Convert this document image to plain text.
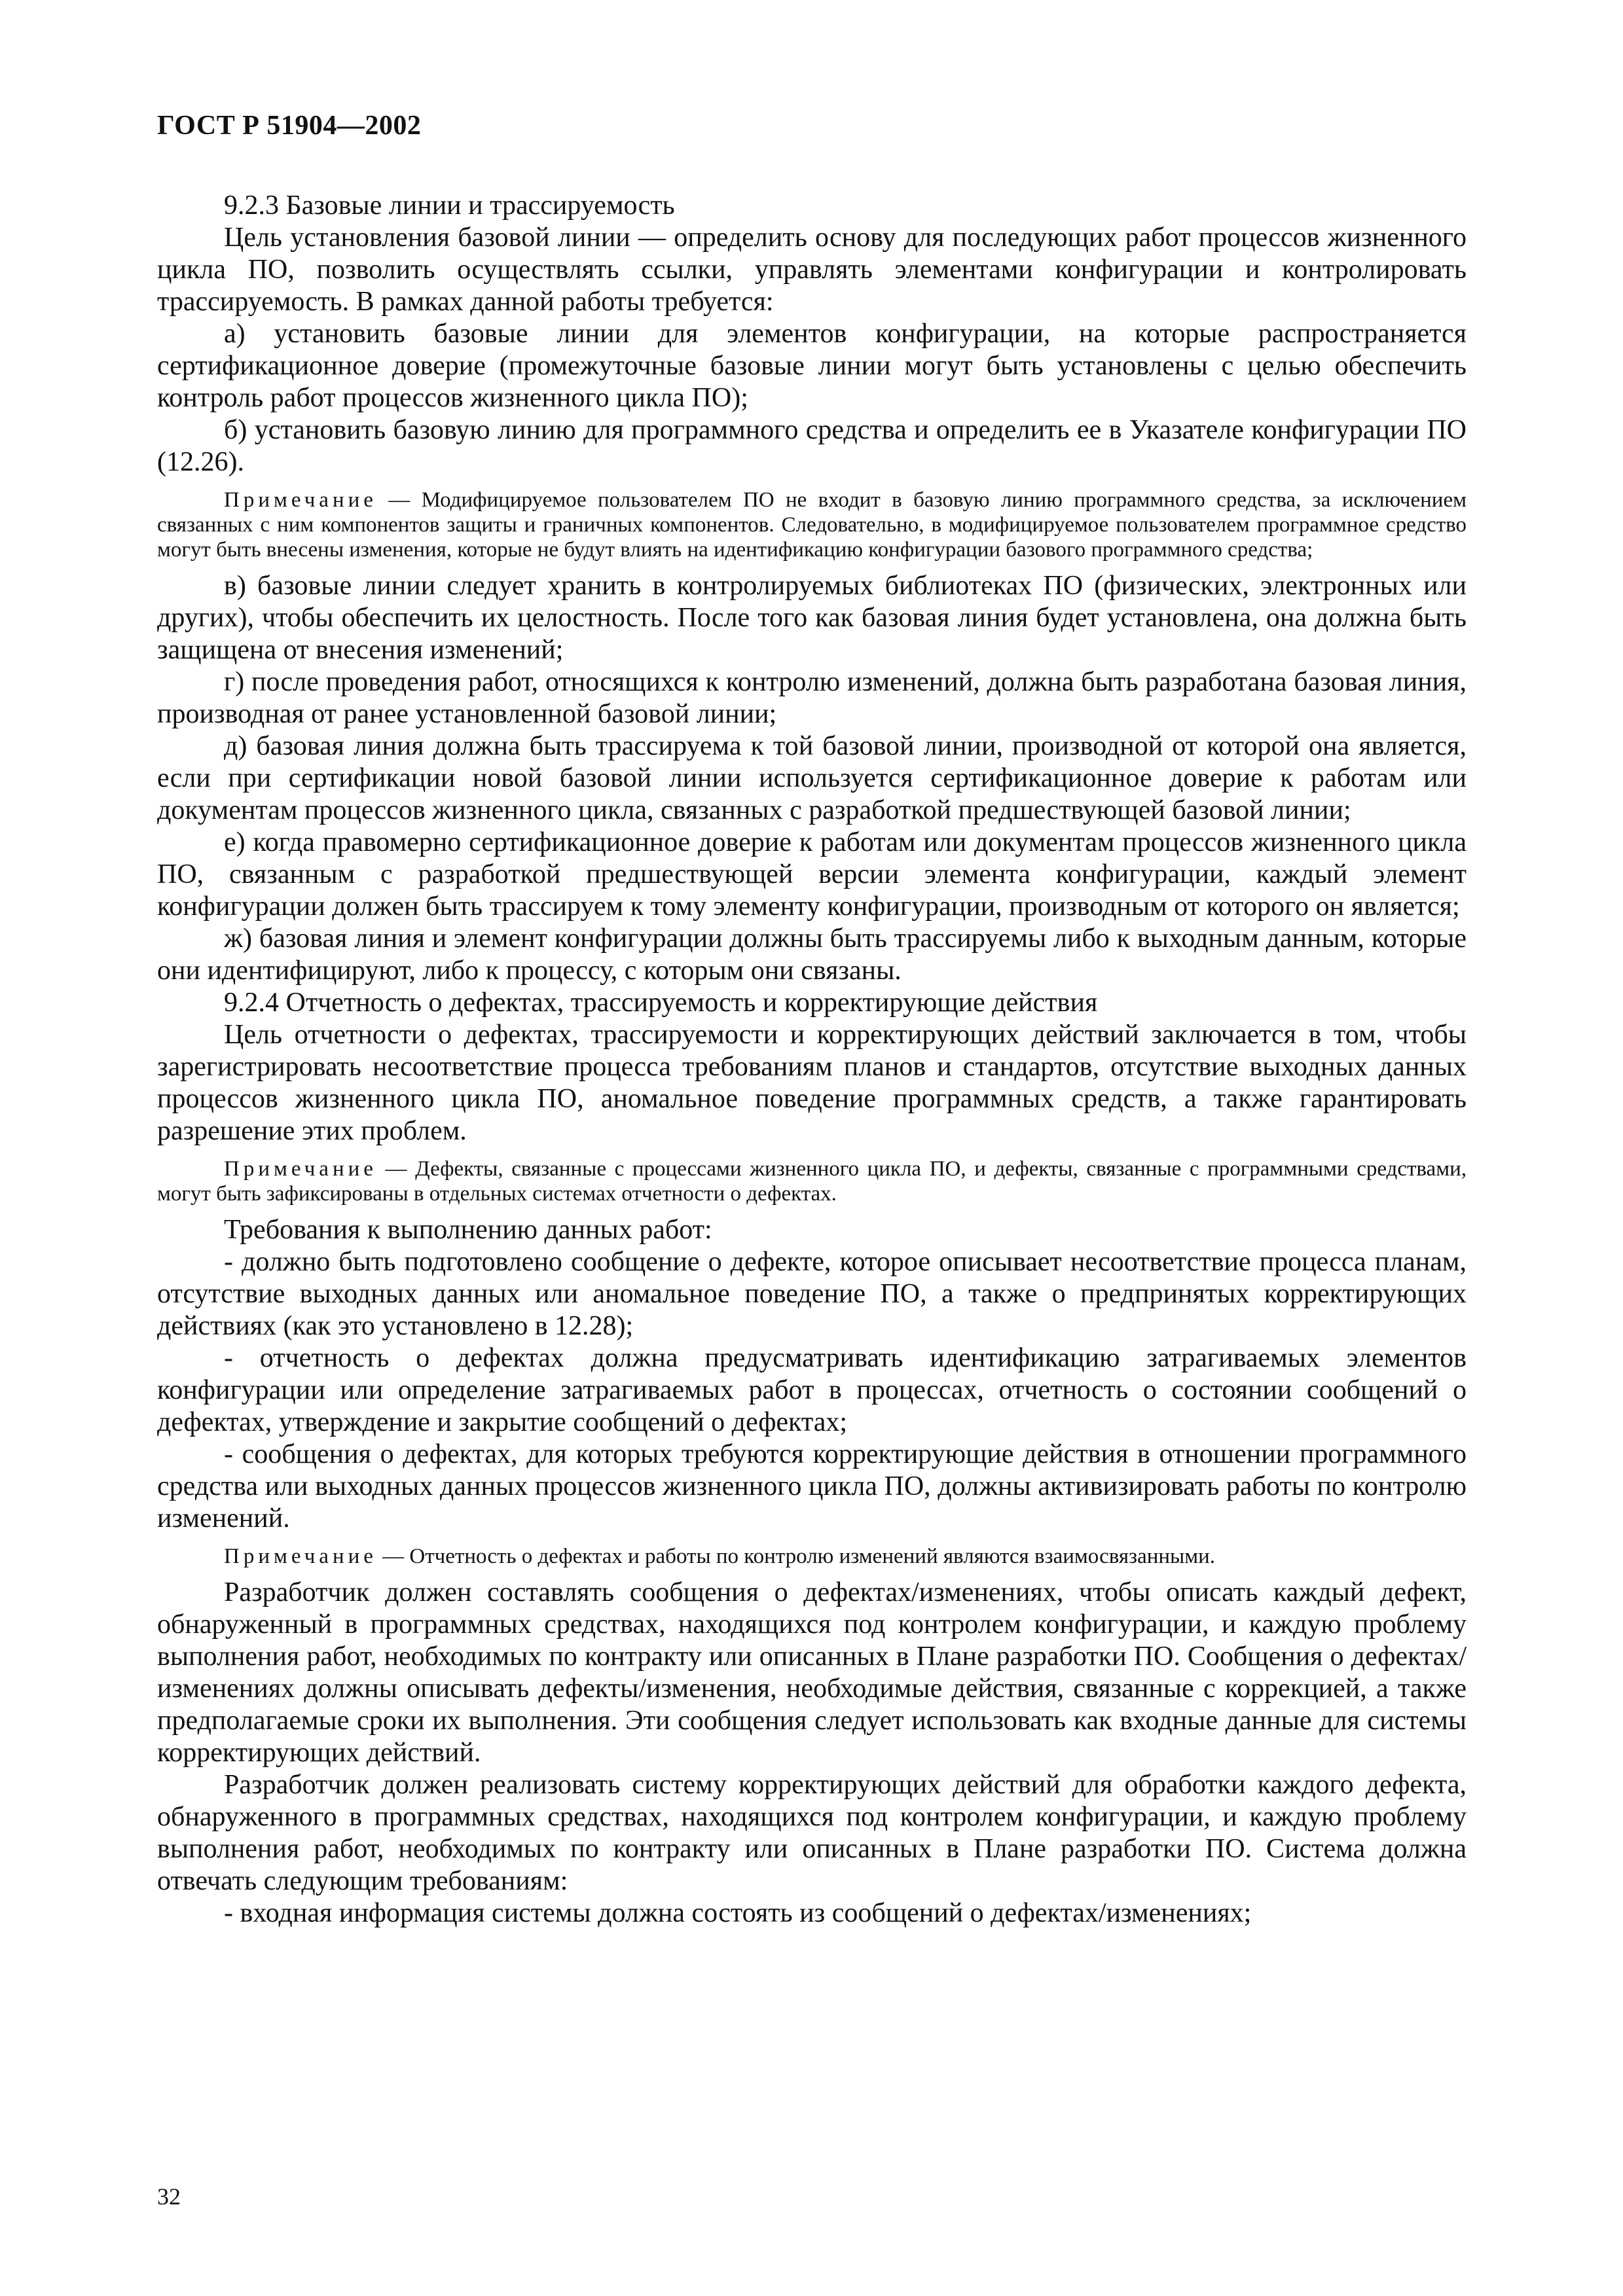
ГОСТ Р 51904—2002

9.2.3 Базовые линии и трассируемость

Цель установления базовой линии — определить основу для последующих работ процессов жизненного цикла ПО, позволить осуществлять ссылки, управлять элементами конфигурации и контролировать трассируемость. В рамках данной работы требуется:

а) установить базовые линии для элементов конфигурации, на которые распространяется сертификационное доверие (промежуточные базовые линии могут быть установлены с целью обеспечить контроль работ процессов жизненного цикла ПО);

б) установить базовую линию для программного средства и определить ее в Указателе конфигурации ПО (12.26).

Примечание — Модифицируемое пользователем ПО не входит в базовую линию программного средства, за исключением связанных с ним компонентов защиты и граничных компонентов. Следовательно, в модифицируемое пользователем программное средство могут быть внесены изменения, которые не будут влиять на идентификацию конфигурации базового программного средства;

в) базовые линии следует хранить в контролируемых библиотеках ПО (физических, электронных или других), чтобы обеспечить их целостность. После того как базовая линия будет установлена, она должна быть защищена от внесения изменений;

г) после проведения работ, относящихся к контролю изменений, должна быть разработана базовая линия, производная от ранее установленной базовой линии;

д) базовая линия должна быть трассируема к той базовой линии, производной от которой она является, если при сертификации новой базовой линии используется сертификационное доверие к работам или документам процессов жизненного цикла, связанных с разработкой предшествующей базовой линии;

е) когда правомерно сертификационное доверие к работам или документам процессов жизненного цикла ПО, связанным с разработкой предшествующей версии элемента конфигурации, каждый элемент конфигурации должен быть трассируем к тому элементу конфигурации, производным от которого он является;

ж) базовая линия и элемент конфигурации должны быть трассируемы либо к выходным данным, которые они идентифицируют, либо к процессу, с которым они связаны.

9.2.4 Отчетность о дефектах, трассируемость и корректирующие действия

Цель отчетности о дефектах, трассируемости и корректирующих действий заключается в том, чтобы зарегистрировать несоответствие процесса требованиям планов и стандартов, отсутствие выходных данных процессов жизненного цикла ПО, аномальное поведение программных средств, а также гарантировать разрешение этих проблем.

Примечание — Дефекты, связанные с процессами жизненного цикла ПО, и дефекты, связанные с программными средствами, могут быть зафиксированы в отдельных системах отчетности о дефектах.

Требования к выполнению данных работ:

- должно быть подготовлено сообщение о дефекте, которое описывает несоответствие процесса планам, отсутствие выходных данных или аномальное поведение ПО, а также о предпринятых корректирующих действиях (как это установлено в 12.28);

- отчетность о дефектах должна предусматривать идентификацию затрагиваемых элементов конфигурации или определение затрагиваемых работ в процессах, отчетность о состоянии сообщений о дефектах, утверждение и закрытие сообщений о дефектах;

- сообщения о дефектах, для которых требуются корректирующие действия в отношении программного средства или выходных данных процессов жизненного цикла ПО, должны активизировать работы по контролю изменений.

Примечание — Отчетность о дефектах и работы по контролю изменений являются взаимосвязанными.

Разработчик должен составлять сообщения о дефектах/изменениях, чтобы описать каждый дефект, обнаруженный в программных средствах, находящихся под контролем конфигурации, и каждую проблему выполнения работ, необходимых по контракту или описанных в Плане разработки ПО. Сообщения о дефектах/изменениях должны описывать дефекты/изменения, необходимые действия, связанные с коррекцией, а также предполагаемые сроки их выполнения. Эти сообщения следует использовать как входные данные для системы корректирующих действий.

Разработчик должен реализовать систему корректирующих действий для обработки каждого дефекта, обнаруженного в программных средствах, находящихся под контролем конфигурации, и каждую проблему выполнения работ, необходимых по контракту или описанных в Плане разработки ПО. Система должна отвечать следующим требованиям:

- входная информация системы должна состоять из сообщений о дефектах/изменениях;

32
